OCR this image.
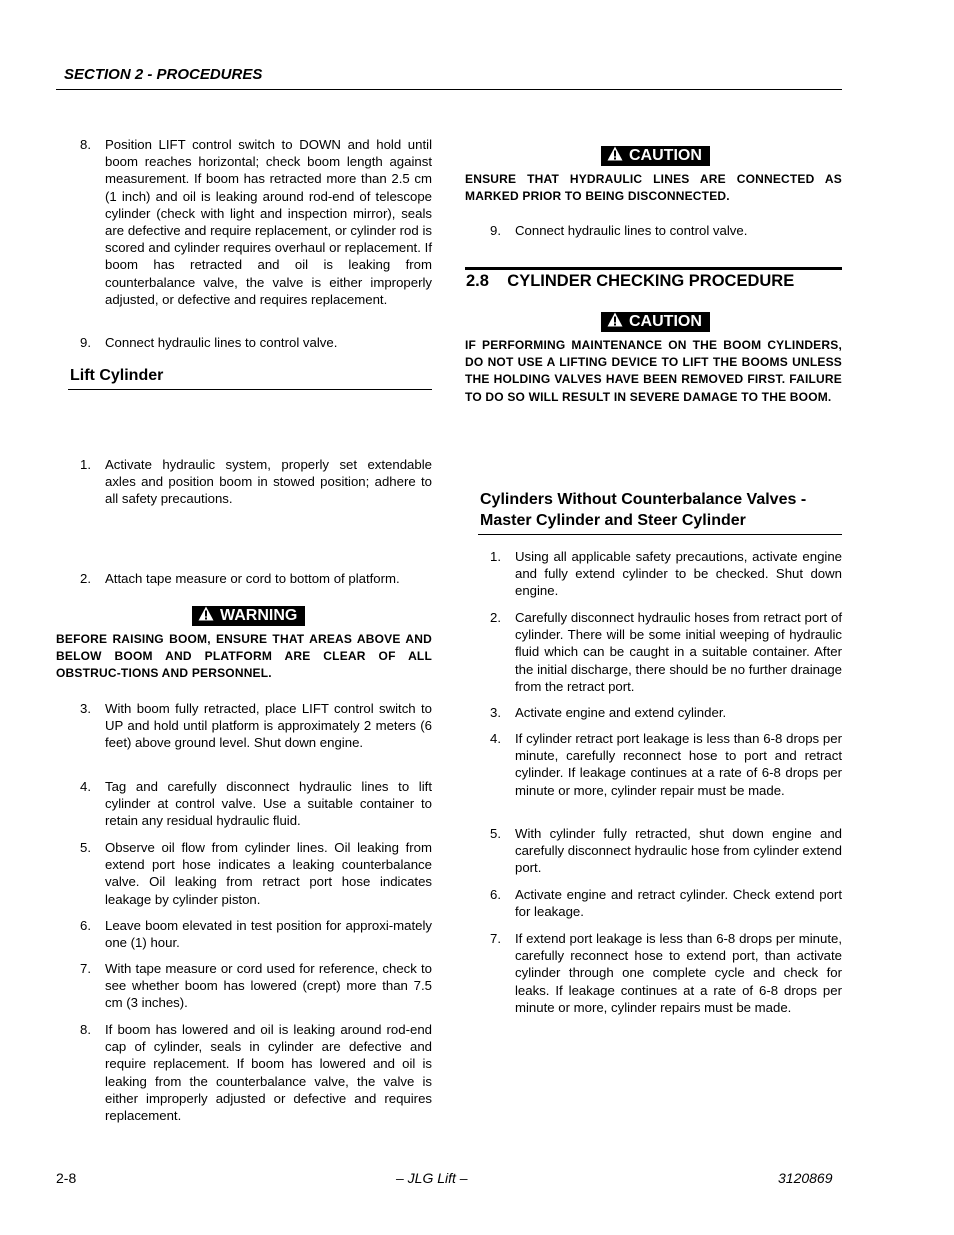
SECTION 2 - PROCEDURES
8. Position LIFT control switch to DOWN and hold until boom reaches horizontal; check boom length against measurement. If boom has retracted more than 2.5 cm (1 inch) and oil is leaking around rod-end of telescope cylinder (check with light and inspection mirror), seals are defective and require replacement, or cylinder rod is scored and cylinder requires overhaul or replacement. If boom has retracted and oil is leaking from counterbalance valve, the valve is either improperly adjusted, or defective and requires replacement.
9. Connect hydraulic lines to control valve.
Lift Cylinder
1. Activate hydraulic system, properly set extendable axles and position boom in stowed position; adhere to all safety precautions.
2. Attach tape measure or cord to bottom of platform.
WARNING
BEFORE RAISING BOOM, ENSURE THAT AREAS ABOVE AND BELOW BOOM AND PLATFORM ARE CLEAR OF ALL OBSTRUC-TIONS AND PERSONNEL.
3. With boom fully retracted, place LIFT control switch to UP and hold until platform is approximately 2 meters (6 feet) above ground level. Shut down engine.
4. Tag and carefully disconnect hydraulic lines to lift cylinder at control valve. Use a suitable container to retain any residual hydraulic fluid.
5. Observe oil flow from cylinder lines. Oil leaking from extend port hose indicates a leaking counterbalance valve. Oil leaking from retract port hose indicates leakage by cylinder piston.
6. Leave boom elevated in test position for approxi-mately one (1) hour.
7. With tape measure or cord used for reference, check to see whether boom has lowered (crept) more than 7.5 cm (3 inches).
8. If boom has lowered and oil is leaking around rod-end cap of cylinder, seals in cylinder are defective and require replacement. If boom has lowered and oil is leaking from the counterbalance valve, the valve is either improperly adjusted or defective and requires replacement.
CAUTION
ENSURE THAT HYDRAULIC LINES ARE CONNECTED AS MARKED PRIOR TO BEING DISCONNECTED.
9. Connect hydraulic lines to control valve.
2.8    CYLINDER CHECKING PROCEDURE
CAUTION
IF PERFORMING MAINTENANCE ON THE BOOM CYLINDERS, DO NOT USE A LIFTING DEVICE TO LIFT THE BOOMS UNLESS THE HOLDING VALVES HAVE BEEN REMOVED FIRST. FAILURE TO DO SO WILL RESULT IN SEVERE DAMAGE TO THE BOOM.
Cylinders Without Counterbalance Valves -
Master Cylinder and Steer Cylinder
1. Using all applicable safety precautions, activate engine and fully extend cylinder to be checked. Shut down engine.
2. Carefully disconnect hydraulic hoses from retract port of cylinder. There will be some initial weeping of hydraulic fluid which can be caught in a suitable container. After the initial discharge, there should be no further drainage from the retract port.
3. Activate engine and extend cylinder.
4. If cylinder retract port leakage is less than 6-8 drops per minute, carefully reconnect hose to port and retract cylinder. If leakage continues at a rate of 6-8 drops per minute or more, cylinder repair must be made.
5. With cylinder fully retracted, shut down engine and carefully disconnect hydraulic hose from cylinder extend port.
6. Activate engine and retract cylinder. Check extend port for leakage.
7. If extend port leakage is less than 6-8 drops per minute, carefully reconnect hose to extend port, than activate cylinder through one complete cycle and check for leaks. If leakage continues at a rate of 6-8 drops per minute or more, cylinder repairs must be made.
2-8	– JLG Lift –	3120869
